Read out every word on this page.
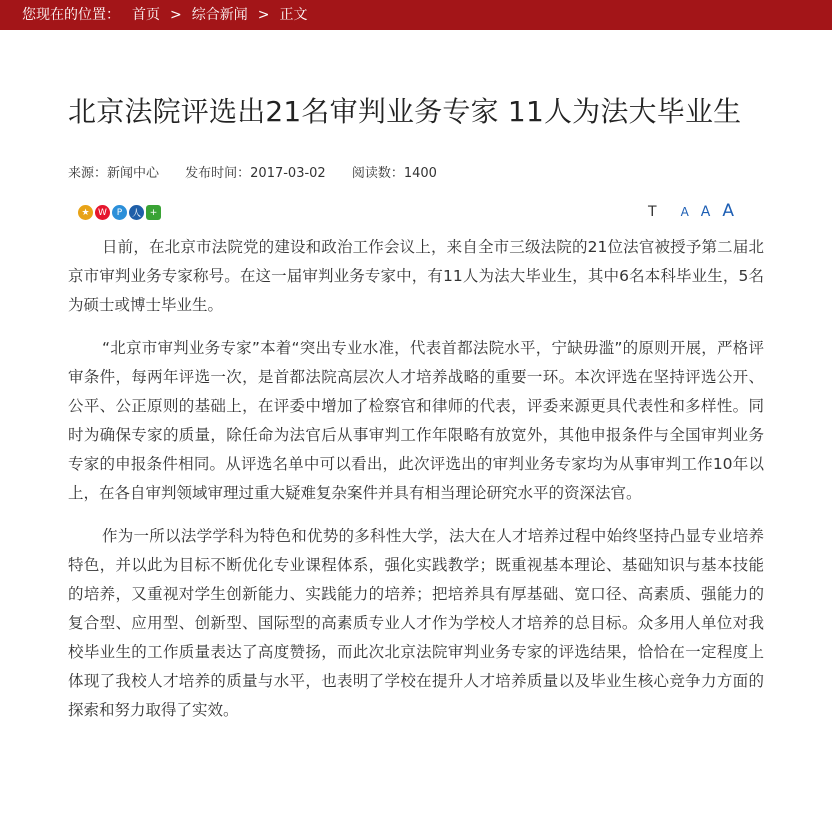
您现在的位置： 首页 > 综合新闻 > 正文
北京法院评选出21名审判业务专家 11人为法大毕业生
来源：新闻中心 发布时间：2017-03-02 阅读数：1400
★ W	P	人 +	T A A A

日前，在北京市法院党的建设和政治工作会议上，来自全市三级法院的21位法官被授予第二届北京市审判业务专家称号。在这一届审判业务专家中，有11人为法大毕业生，其中6名本科毕业生，5名为硕士或博士毕业生。

“北京市审判业务专家”本着“突出专业水准，代表首都法院水平，宁缺毋滥”的原则开展，严格评审条件，每两年评选一次，是首都法院高层次人才培养战略的重要一环。本次评选在坚持评选公开、公平、公正原则的基础上，在评委中增加了检察官和律师的代表，评委来源更具代表性和多样性。同时为确保专家的质量，除任命为法官后从事审判工作年限略有放宽外，其他申报条件与全国审判业务专家的申报条件相同。从评选名单中可以看出，此次评选出的审判业务专家均为从事审判工作10年以上，在各自审判领域审理过重大疑难复杂案件并具有相当理论研究水平的资深法官。

作为一所以法学学科为特色和优势的多科性大学，法大在人才培养过程中始终坚持凸显专业培养特色，并以此为目标不断优化专业课程体系，强化实践教学；既重视基本理论、基础知识与基本技能的培养，又重视对学生创新能力、实践能力的培养；把培养具有厚基础、宽口径、高素质、强能力的复合型、应用型、创新型、国际型的高素质专业人才作为学校人才培养的总目标。众多用人单位对我校毕业生的工作质量表达了高度赞扬，而此次北京法院审判业务专家的评选结果，恰恰在一定程度上体现了我校人才培养的质量与水平，也表明了学校在提升人才培养质量以及毕业生核心竞争力方面的探索和努力取得了实效。
